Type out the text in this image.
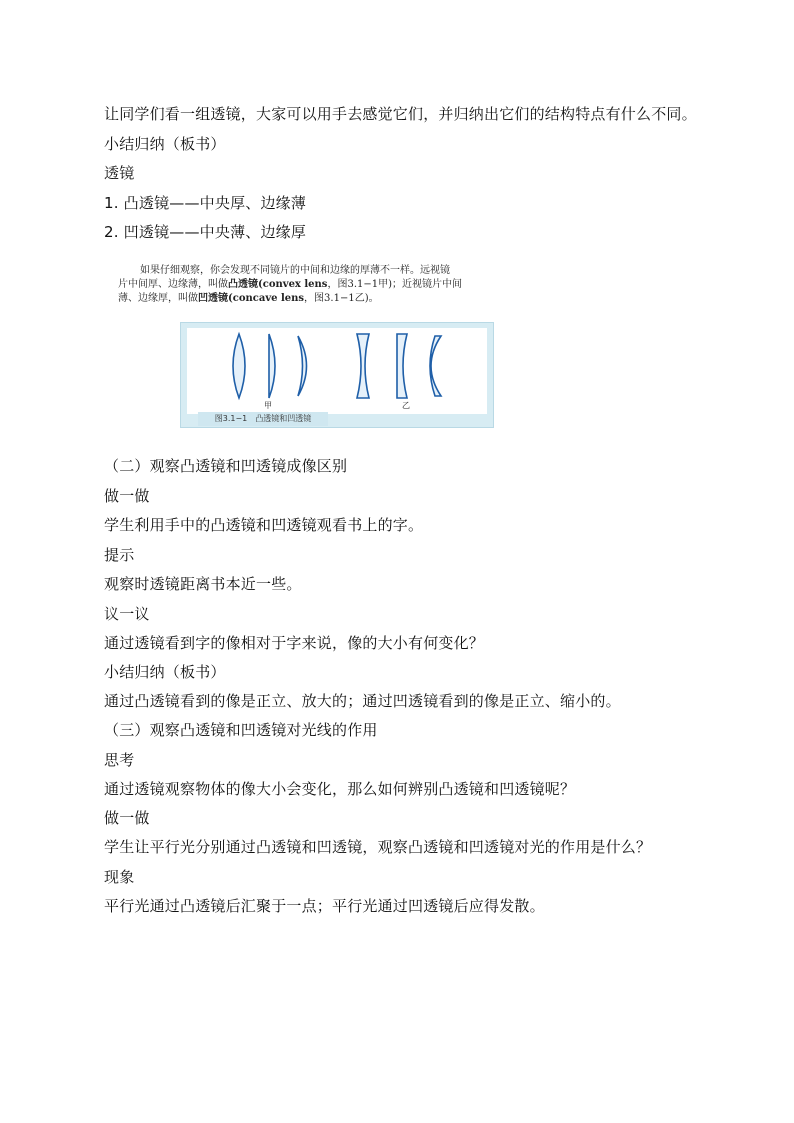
让同学们看一组透镜，大家可以用手去感觉它们，并归纳出它们的结构特点有什么不同。
小结归纳（板书）
透镜
1. 凸透镜——中央厚、边缘薄
2. 凹透镜——中央薄、边缘厚
如果仔细观察，你会发现不同镜片的中间和边缘的厚薄不一样。远视镜
片中间厚、边缘薄，叫做凸透镜(convex lens，图3.1−1甲)；近视镜片中间
薄、边缘厚，叫做凹透镜(concave lens，图3.1−1乙)。
甲	乙
图3.1−1　凸透镜和凹透镜
（二）观察凸透镜和凹透镜成像区别
做一做
学生利用手中的凸透镜和凹透镜观看书上的字。
提示
观察时透镜距离书本近一些。
议一议
通过透镜看到字的像相对于字来说，像的大小有何变化？
小结归纳（板书）
通过凸透镜看到的像是正立、放大的；通过凹透镜看到的像是正立、缩小的。
（三）观察凸透镜和凹透镜对光线的作用
思考
通过透镜观察物体的像大小会变化，那么如何辨别凸透镜和凹透镜呢？
做一做
学生让平行光分别通过凸透镜和凹透镜，观察凸透镜和凹透镜对光的作用是什么？
现象
平行光通过凸透镜后汇聚于一点；平行光通过凹透镜后应得发散。
